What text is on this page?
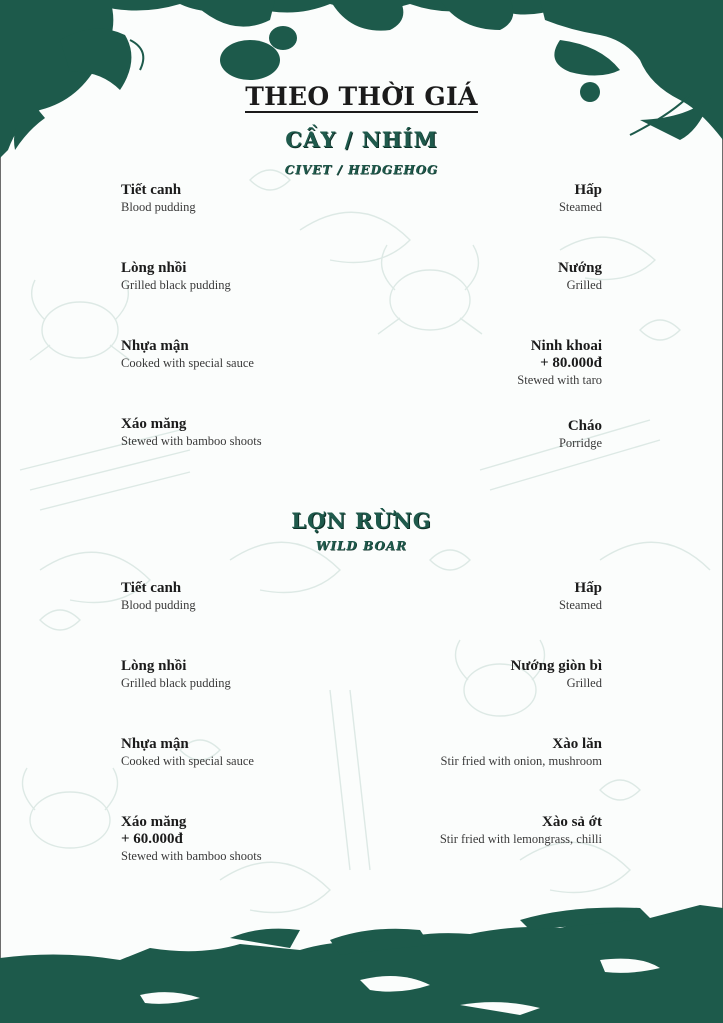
THEO THỜI GIÁ
CẦY / NHÍM
CIVET / HEDGEHOG
Tiết canh
Blood pudding
Lòng nhồi
Grilled black pudding
Nhựa mận
Cooked with special sauce
Xáo măng
Stewed with bamboo shoots
Hấp
Steamed
Nướng
Grilled
Ninh khoai
+ 80.000đ
Stewed with taro
Cháo
Porridge
LỢN RỪNG
WILD BOAR
Tiết canh
Blood pudding
Lòng nhồi
Grilled black pudding
Nhựa mận
Cooked with special sauce
Xáo măng
+ 60.000đ
Stewed with bamboo shoots
Hấp
Steamed
Nướng giòn bì
Grilled
Xào lăn
Stir fried with onion, mushroom
Xào sả ớt
Stir fried with lemongrass, chilli
